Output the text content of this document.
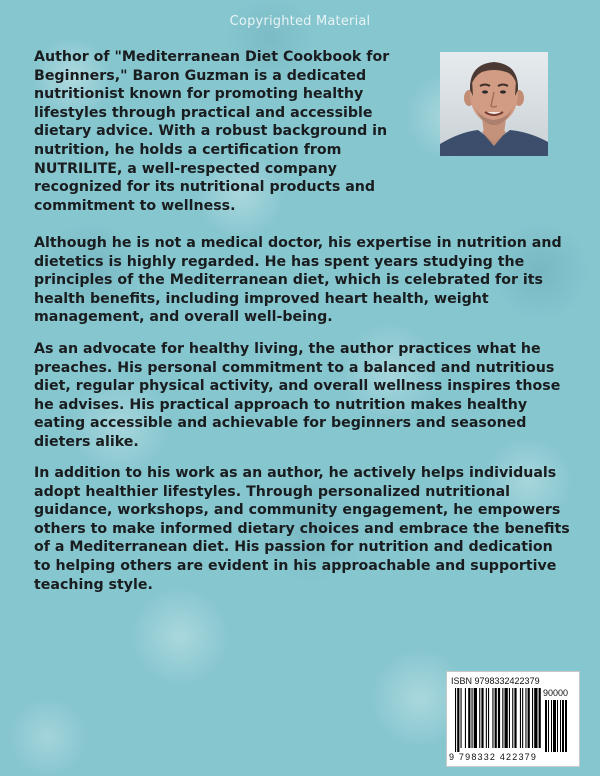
Copyrighted Material

Author of "Mediterranean Diet Cookbook for Beginners," Baron Guzman is a dedicated nutritionist known for promoting healthy lifestyles through practical and accessible dietary advice. With a robust background in nutrition, he holds a certification from NUTRILITE, a well-respected company recognized for its nutritional products and commitment to wellness.

Although he is not a medical doctor, his expertise in nutrition and dietetics is highly regarded. He has spent years studying the principles of the Mediterranean diet, which is celebrated for its health benefits, including improved heart health, weight management, and overall well-being.

As an advocate for healthy living, the author practices what he preaches. His personal commitment to a balanced and nutritious diet, regular physical activity, and overall wellness inspires those he advises. His practical approach to nutrition makes healthy eating accessible and achievable for beginners and seasoned dieters alike.

In addition to his work as an author, he actively helps individuals adopt healthier lifestyles. Through personalized nutritional guidance, workshops, and community engagement, he empowers others to make informed dietary choices and embrace the benefits of a Mediterranean diet. His passion for nutrition and dedication to helping others are evident in his approachable and supportive teaching style.

ISBN 9798332422379
90000
9 798332 422379
